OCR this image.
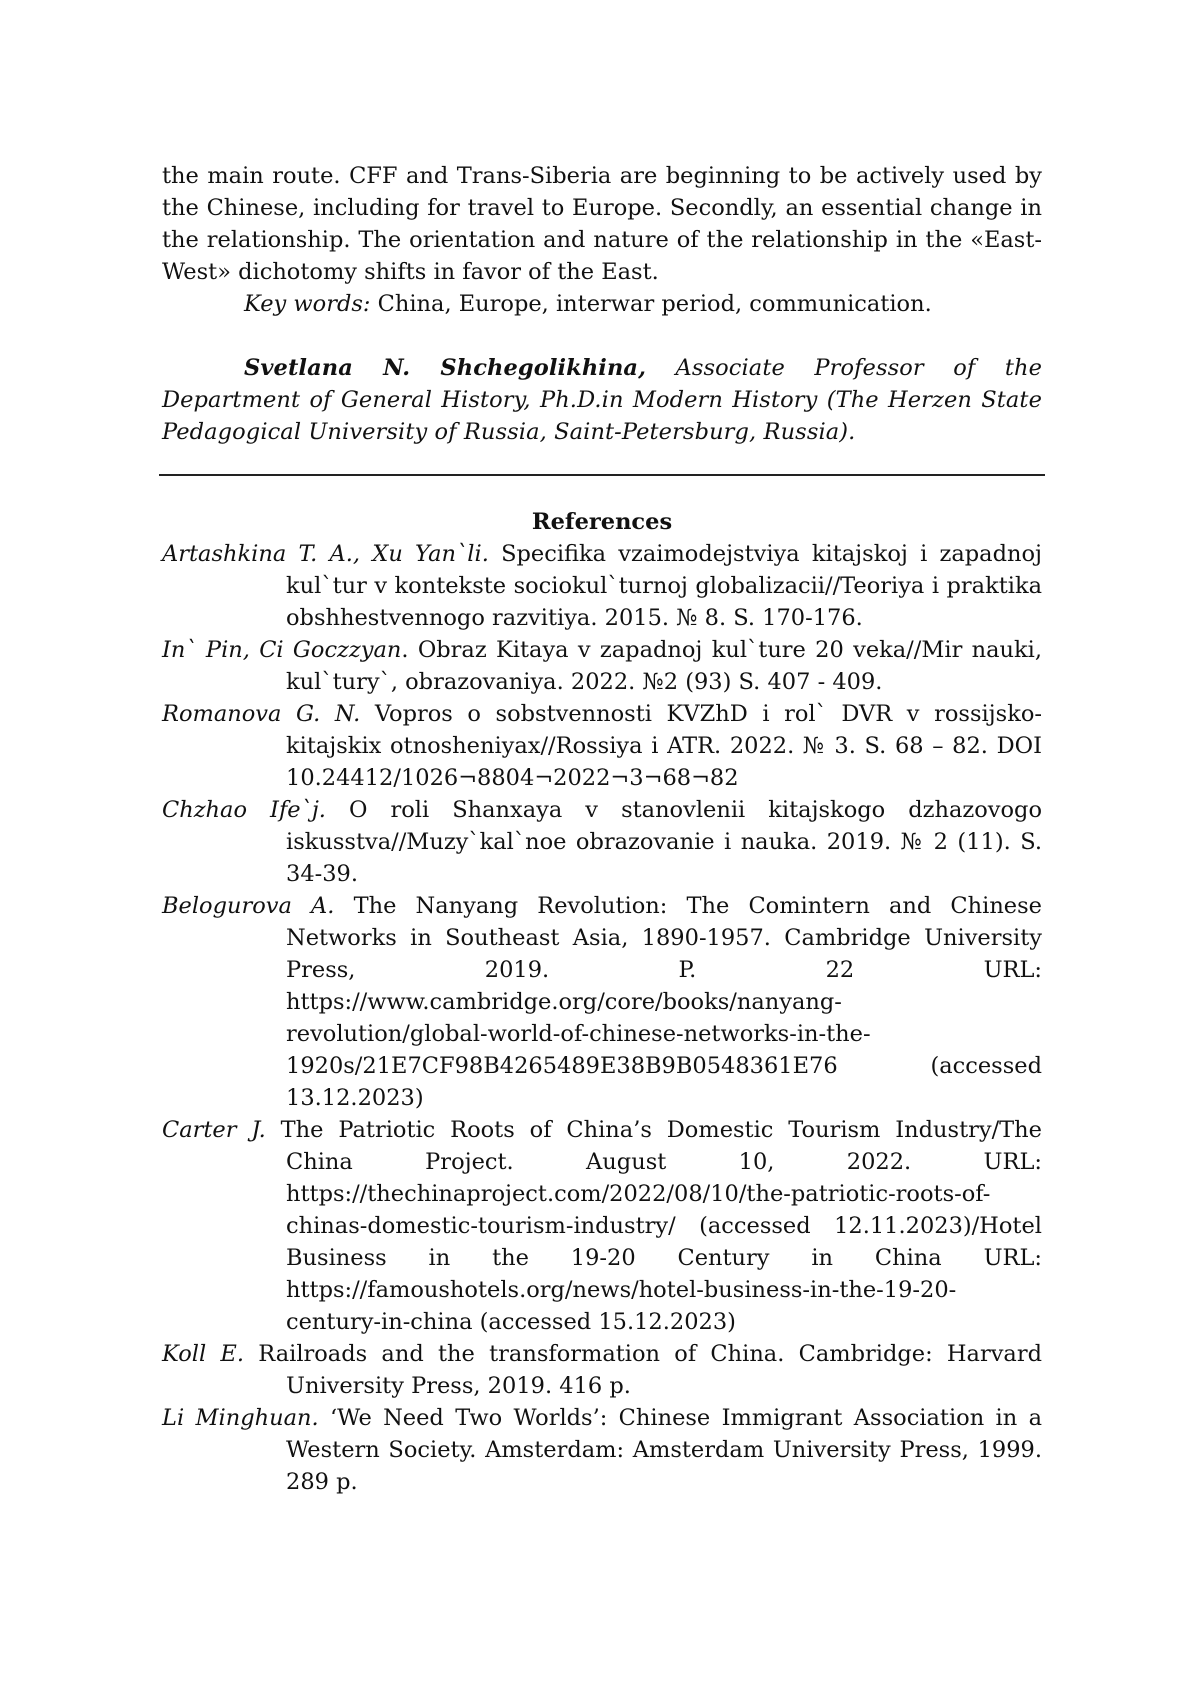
the main route. CFF and Trans-Siberia are beginning to be actively used by the Chinese, including for travel to Europe. Secondly, an essential change in the relationship. The orientation and nature of the relationship in the «East-West» dichotomy shifts in favor of the East.

Key words: China, Europe, interwar period, communication.

Svetlana N. Shchegolikhina, Associate Professor of the Department of General History, Ph.D.in Modern History (The Herzen State Pedagogical University of Russia, Saint-Petersburg, Russia).

References
Artashkina T. A., Xu Yan`li. Specifika vzaimodejstviya kitajskoj i zapadnoj kul`tur v kontekste sociokul`turnoj globalizacii//Teoriya i praktika obshhestvennogo razvitiya. 2015. № 8. S. 170-176.
In` Pin, Ci Goczzyan. Obraz Kitaya v zapadnoj kul`ture 20 veka//Mir nauki, kul`tury`, obrazovaniya. 2022. №2 (93) S. 407 - 409.
Romanova G. N. Vopros o sobstvennosti KVZhD i rol` DVR v rossijsko-kitajskix otnosheniyax//Rossiya i ATR. 2022. № 3. S. 68 – 82. DOI 10.24412/1026¬8804¬2022¬3¬68¬82
Chzhao Ife`j. O roli Shanxaya v stanovlenii kitajskogo dzhazovogo iskusstva//Muzy`kal`noe obrazovanie i nauka. 2019. № 2 (11). S. 34-39.
Belogurova A. The Nanyang Revolution: The Comintern and Chinese Networks in Southeast Asia, 1890-1957. Cambridge University Press, 2019. P. 22 URL: https://www.cambridge.org/core/books/nanyang-revolution/global-world-of-chinese-networks-in-the-1920s/21E7CF98B4265489E38B9B0548361E76 (accessed 13.12.2023)
Carter J. The Patriotic Roots of China’s Domestic Tourism Industry/The China Project. August 10, 2022. URL: https://thechinaproject.com/2022/08/10/the-patriotic-roots-of-chinas-domestic-tourism-industry/ (accessed 12.11.2023)/Hotel Business in the 19-20 Century in China URL: https://famoushotels.org/news/hotel-business-in-the-19-20-century-in-china (accessed 15.12.2023)
Koll E. Railroads and the transformation of China. Cambridge: Harvard University Press, 2019. 416 p.
Li Minghuan. ‘We Need Two Worlds’: Chinese Immigrant Association in a Western Society. Amsterdam: Amsterdam University Press, 1999. 289 p.
